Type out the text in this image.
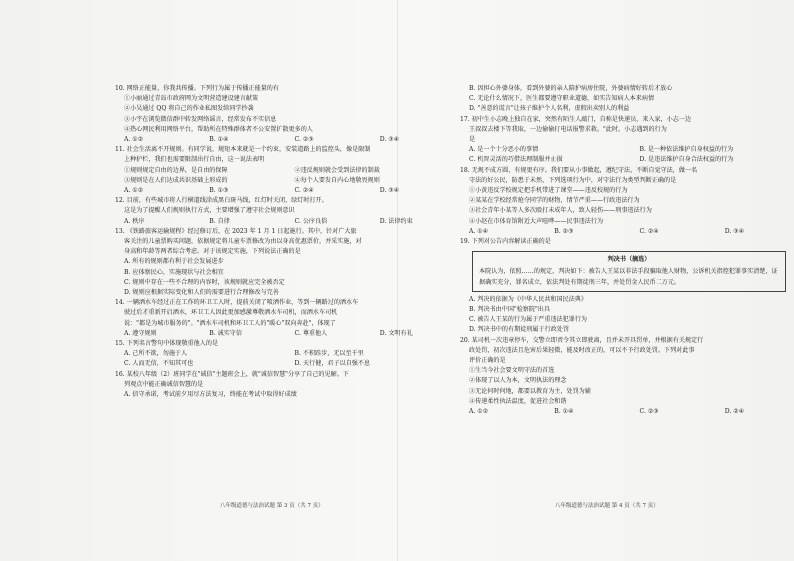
10. 网络正能量，你我共传播。下列行为属于传播正能量的有

①小丽通过青岛市政府网为文明营造建设建言献策

②小吴通过 QQ 将自己的作业私图发给同学抄袭

③小宇在浏览微信群中转发网络谣言，经常发布不实信息

④热心网民利用网络平台，帮助所在特殊群体者不公安置扩散更多的人

A. ①②	B. ①④	C. ②③	D. ③④

11. 社会生活离不开规则。有同学说，规矩本来就是一个约束，安装道路上的监控头，像是限制

上种护栏，我们也需要限制出行自由，这一说法表明

①规则规定自由的边界，是自由的保障	②违反规则就会受到法律的制裁
③规则是在人们达成共识基础上形成的	④每个人要发自内心地敬畏规则
A. ①②	B. ①③	C. ②④	D. ③④

12. 目前，有些城市将人行横道线涂成黑白斑马线，红灯时关闭，绿灯时打开。

这是为了提醒人们规则执行方式，主要增强了遵守社会规则意识

A. 秩序	B. 自律	C. 公序良俗	D. 法律约束

13. 《铁路旅客运输规程》经过修订后，在 2023 年 1 月 1 日起施行。其中，针对广大旅

客关注的儿童票购买问题，依据规定将儿童车票修改为由以身高优惠票价，并采实施，对

身高和年龄等两者综合考虑。对于该规定实施，下列说法正确的是

A. 所有的规则都有利于社会发展进步

B. 应体察民心，实施现状与社会相宜

C. 规则中存在一些不合理的内容时，该规则就应完全被否定

D. 规则应根据实际变化和人们的需要进行合理修改与完善

14. 一辆洒水车经过正在工作的环卫工人时，提前关闭了喷洒作业，等到一辆路过的洒水车

驶过后才重新开启洒水，环卫工人因此更加感激尊敬洒水车司机，而洒水车司机

说："都是为城市服务的"。"洒水车司机和环卫工人的"暖心"双向奔赴"，体现了

A. 遵守规则	B. 诚实守信	C. 尊重他人	D. 文明有礼

15. 下列名言警句中体现敬重他人的是

A. 己所不欲，勿施于人	B. 不积跬步，无以至千里
C. 人而无信，不知其可也	D. 天行健，君子以自强不息

16. 某校八年级（2）班同学在"诚信"主题班会上，就"诚信智慧"分享了自己的见解。下

列观点中能正确诚信智慧的是

A. 信守承诺，考试前夕用尽方法复习，终能在考试中取得好成绩

B. 因担心外婆身体，看到外婆的亲人陪护病房住院，外婆病情好转后才放心

C. 无论什么情况下，医生都要遵守职业道德，如实告知病人本来病情

D. "善意的谎言"让孩子维护个人名利，虚假出卖别人的利益

17. 初中生小志晚上独自在家，突然有陌生人敲门，自称是快递员，来入家，小志一边

王叔叔去楼下等我取，一边偷偷打电话报警求救。"此时，小志遇到的行为

是

A. 是一个十分恶小的事情	B. 是一种依法维护自身权益的行为
C. 机智灵活的巧借法理制服并止损	D. 是违法维护自身合法权益的行为

18. 无规不成方圆，有规更有序。我们要从小事做起，遵纪守法，不断自觉守法，做一名

守法的好公民，防患于未然，下列选项行为中，对守法行为类型判断正确的是

①小黄违反学校规定把手机带进了课堂——违反校规的行为

②某某在学校经常抢夺同学的财物，情节严重——行政违法行为

③社会青年小某等人多次殴打未成年人，致人轻伤——刑事违法行为

④小赵在市体育馆附近大声喧哗——民事违法行为

A. ①④	B. ②③	C. ②④	D. ③④

19. 下列对公告内容解读正确的是

判决书（摘选）
本院认为，依照……的规定，判决如下：被告人王某以非法手段骗取他人财物，公诉机关指控犯罪事实清楚，证据确实充分，罪名成立，依法判处有期徒刑三年，并处罚金人民币二万元。

A. 判决的依据为《中华人民共和国民法典》

B. 判决书由中国"检察院"出具

C. 被告人王某的行为属于严重违法犯罪行为

D. 判决书中的有期徒刑属于行政处罚

20. 某司机一次违章停车，交警立即责令其立即驶离，且并未开具罚单，并根据有关规定行

政处罚，初次违法且危害后果轻微，能及时改正的，可以不予行政处罚。下列对此事

评价正确的是

①生当今社会要文明守法的首选

②体现了以人为本，文明执法的理念

③无论何时何地，都要以教育为主，处罚为辅

④传递柔性执法温度，促进社会和谐

A. ①②	B. ①④	C. ②③	D. ②④
八年级道德与法治试题 第 3 页（共 7 页）	八年级道德与法治试题 第 4 页（共 7 页）
